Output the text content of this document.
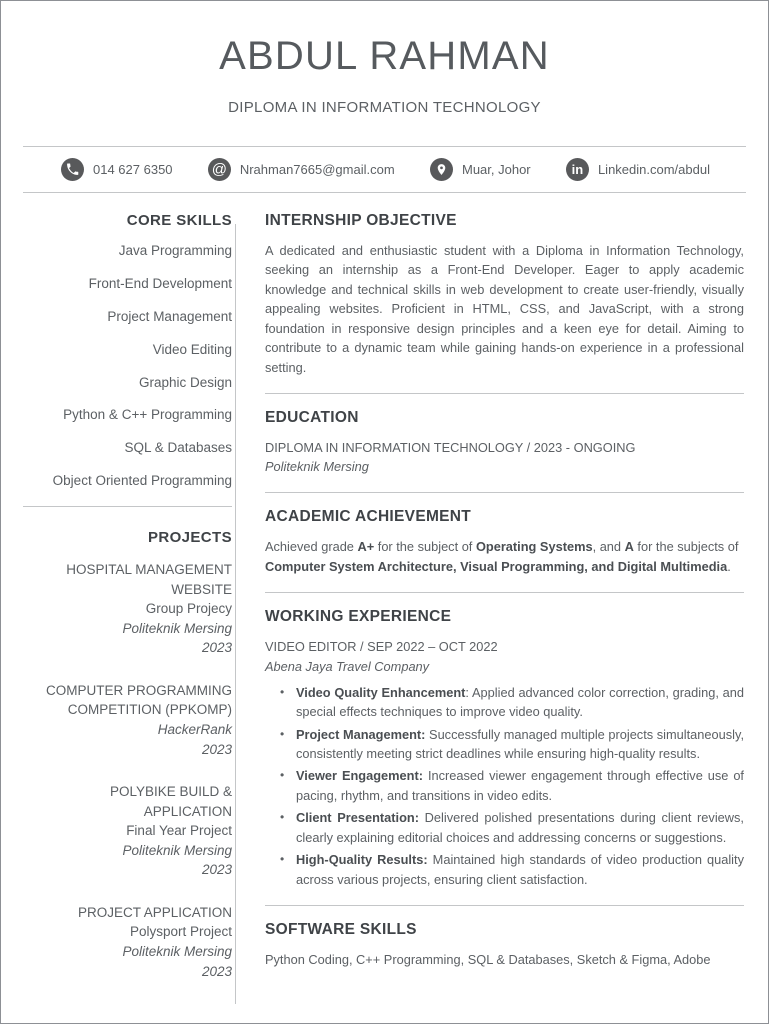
ABDUL RAHMAN
DIPLOMA IN INFORMATION TECHNOLOGY
014 627 6350	@ Nrahman7665@gmail.com	Muar, Johor	in Linkedin.com/abdul
CORE SKILLS
Java Programming
Front-End Development
Project Management
Video Editing
Graphic Design
Python & C++ Programming
SQL & Databases
Object Oriented Programming
PROJECTS
HOSPITAL MANAGEMENT WEBSITE
Group Projecy
Politeknik Mersing
2023
COMPUTER PROGRAMMING COMPETITION (PPKOMP)
HackerRank
2023
POLYBIKE BUILD & APPLICATION
Final Year Project
Politeknik Mersing
2023
PROJECT APPLICATION
Polysport Project
Politeknik Mersing
2023
INTERNSHIP OBJECTIVE

A dedicated and enthusiastic student with a Diploma in Information Technology, seeking an internship as a Front-End Developer. Eager to apply academic knowledge and technical skills in web development to create user-friendly, visually appealing websites. Proficient in HTML, CSS, and JavaScript, with a strong foundation in responsive design principles and a keen eye for detail. Aiming to contribute to a dynamic team while gaining hands-on experience in a professional setting.

EDUCATION
DIPLOMA IN INFORMATION TECHNOLOGY / 2023 - ONGOING
Politeknik Mersing
ACADEMIC ACHIEVEMENT

Achieved grade A+ for the subject of Operating Systems, and A for the subjects of Computer System Architecture, Visual Programming, and Digital Multimedia.

WORKING EXPERIENCE
VIDEO EDITOR / SEP 2022 – OCT 2022
Abena Jaya Travel Company
• Video Quality Enhancement: Applied advanced color correction, grading, and special effects techniques to improve video quality.
• Project Management: Successfully managed multiple projects simultaneously, consistently meeting strict deadlines while ensuring high-quality results.
• Viewer Engagement: Increased viewer engagement through effective use of pacing, rhythm, and transitions in video edits.
• Client Presentation: Delivered polished presentations during client reviews, clearly explaining editorial choices and addressing concerns or suggestions.
• High-Quality Results: Maintained high standards of video production quality across various projects, ensuring client satisfaction.
SOFTWARE SKILLS
Python Coding, C++ Programming, SQL & Databases, Sketch & Figma, Adobe
